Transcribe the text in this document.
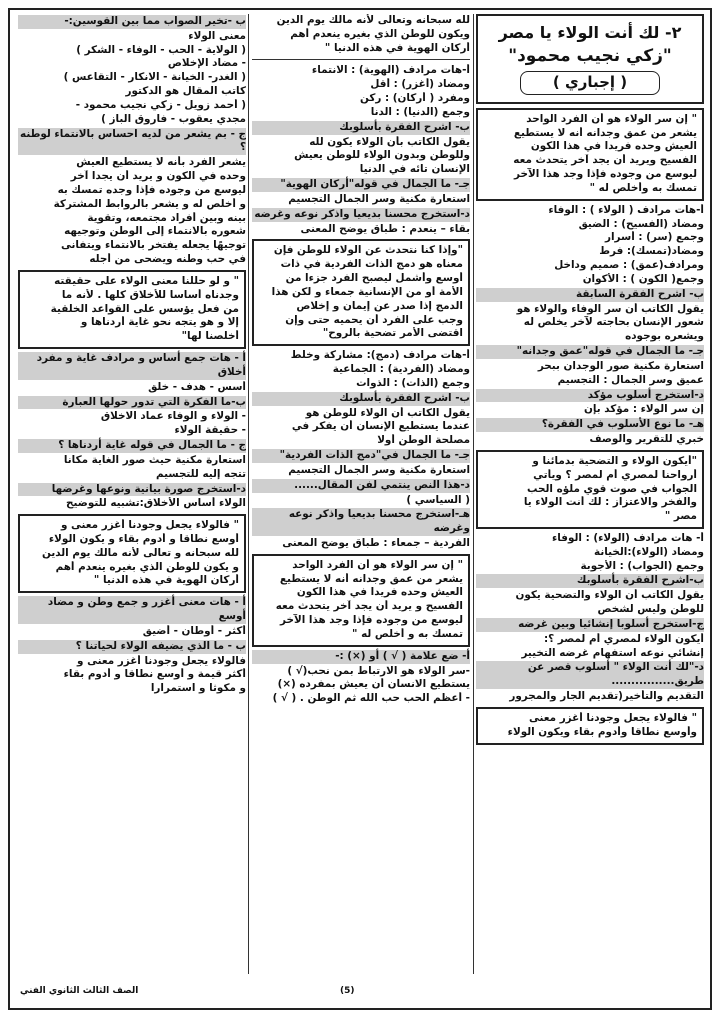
٢- لك أنت الولاء يا مصر
"زكي نجيب محمود"
( إجباري )

" إن سر الولاء هو أن الفرد الواحد

يشعر من عمق وجدانه أنه لا يستطيع

العيش وحده فريدا في هذا الكون

الفسيح ويريد أن يجد آخر يتحدث معه

ليوسع من وجوده فإذا وجد هذا الآخر

تمسك به وأخلص له "

أ-هات مرادف ( الولاء ) : الوفاء

ومضاد (الفسيح) : الضيق

وجمع (سر) : أسرار

ومضاد(تمسك): فرط

ومرادف(عمق) : صميم وداخل

وجمع( الكون ) : الأكوان

ب- اشرح الفقرة السابقة

يقول الكاتب أن سر الوفاء والولاء هو

شعور الإنسان بحاجته لآخر يخلص له

ويشعره بوجوده

جـ- ما الجمال في قوله"عمق وجدانه"

استعارة مكنية صور الوجدان ببحر

عميق وسر الجمال : التجسيم

د-استخرج أسلوب مؤكد

إن سر الولاء : مؤكد بإن

هـ- ما نوع الأسلوب في الفقرة؟

خبري للتقرير والوصف

"أيكون الولاء و التضحية بدمائنا و

أرواحنا لمصري أم لمصر ؟ ويأتي

الجواب في صوت قوي ملؤه الحب

والفخر والاعتزاز : لك أنت الولاء يا

مصر "

أ- هات مرادف (الولاء) : الوفاء

ومضاد (الولاء):الخيانة

وجمع (الجواب) : الأجوبة

ب-اشرح الفقرة بأسلوبك

يقول الكاتب أن الولاء والتضحية يكون

للوطن وليس لشخص

ج-استخرج أسلوبا إنشائيا وبين غرضه

أيكون الولاء لمصري أم لمصر ؟:

إنشائي نوعه استفهام غرضه التخيير

د-"لك أنت الولاء " أسلوب قصر عن طريق................

التقديم والتأخير(تقديم الجار والمجرور

" فالولاء يجعل وجودنا أغزر معنى

وأوسع نطاقا وأدوم بقاء ويكون الولاء

لله سبحانه وتعالى لأنه مالك يوم الدين

ويكون للوطن الذي بغيره ينعدم أهم

أركان الهوية في هذه الدنيا "

أ-هات مرادف (الهوية) : الانتماء

ومضاد (أغزر) : أقل

ومفرد ( أركان) : ركن

وجمع (الدنيا) : الدنا

ب- اشرح الفقرة بأسلوبك

يقول الكاتب بأن الولاء يكون لله

وللوطن وبدون الولاء للوطن يعيش

الإنسان تائه في الدنيا

جـ- ما الجمال في قوله"أركان الهوية"

استعارة مكنية وسر الجمال التجسيم

د-استخرج محسنا بديعيا واذكر نوعه وغرضه

بقاء – ينعدم : طباق يوضح المعنى

"وإذا كنا نتحدث عن الولاء للوطن فإن

معناه هو دمج الذات الفردية في ذات

أوسع وأشمل ليصبح الفرد جزءا من

الأمة أو من الإنسانية جمعاء و لكن هذا

الدمج إذا صدر عن إيمان و إخلاص

وجب على الفرد أن يحميه حتى وإن

اقتضى الأمر تضحية بالروح"

أ-هات مرادف (دمج): مشاركة وخلط

ومضاد (الفردية) : الجماعية

وجمع (الذات) : الذوات

ب- اشرح الفقرة بأسلوبك

يقول الكاتب أن الولاء للوطن هو

عندما يستطيع الإنسان أن يفكر في

مصلحة الوطن أولا

جـ- ما الجمال في"دمج الذات الفردية"

استعارة مكنية وسر الجمال التجسيم

د-هذا النص ينتمي لفن المقال......

( السياسي )

هـ-استخرج محسنا بديعيا واذكر نوعه وغرضه

الفردية – جمعاء : طباق يوضح المعنى

" إن سر الولاء هو أن الفرد الواحد

يشعر من عمق وجدانه أنه لا يستطيع

العيش وحده فريدا في هذا الكون

الفسيح و يريد أن يجد آخر يتحدث معه

ليوسع من وجوده فإذا وجد هذا الآخر

تمسك به و أخلص له "

أ- ضع علامة ( √ ) أو (×) :-

-سر الولاء هو الارتباط بمن نحب(√ )

يستطيع الانسان أن يعيش بمفرده (×)

- أعظم الحب حب الله ثم الوطن . ( √ )

ب -تخير الصواب مما بين القوسين:-

معنى الولاء

( الولاية - الحب - الوفاء - الشكر )

- مضاد الإخلاص

( الغدر- الخيانة - الانكار - التقاعس )

كاتب المقال هو الدكتور

( أحمد زويل - زكي نجيب محمود -

مجدي يعقوب - فاروق الباز )

ج - بم يشعر من لديه احساس بالانتماء لوطنه ؟

يشعر الفرد بأنه لا يستطيع العيش

وحده في الكون و يريد أن يجدا آخر

ليوسع من وجوده فإذا وجده تمسك به

و أخلص له و يشعر بالروابط المشتركة

بينه وبين أفراد مجتمعه، وتقوية

شعوره بالانتماء إلى الوطن وتوجيهه

توجيهًا يجعله يفتخر بالانتماء ويتفانى

في حب وطنه ويضحى من أجله

" و لو حللنا معنى الولاء على حقيقته

وجدناه أساسا للأخلاق كلها . لأنه ما

من فعل يؤسس على القواعد الخلقية

إلا و هو يتجه نحو غاية أردناها و

أخلصنا لها"

أ - هات جمع أساس و مرادف غاية و مفرد أخلاق

أسس - هدف - خلق

ب-ما الفكرة التي تدور حولها العبارة

- الولاء و الوفاء عماد الاخلاق

- حقيقة الولاء

ج - ما الجمال في قوله غاية أردناها ؟

استعارة مكنية حيث صور الغاية مكانا

تتجه إليه للتجسيم

د-استخرج صورة بيانية ونوعها وغرضها

الولاء أساس الأخلاق:تشبيه للتوضيح

" فالولاء يجعل وجودنا أغزر معنى و

أوسع نطاقا و أدوم بقاء و يكون الولاء

لله سبحانه و تعالى لأنه مالك يوم الدين

و يكون للوطن الذي بغيره ينعدم أهم

أركان الهوية في هذه الدنيا "

أ - هات معنى أغزر و جمع وطن و مضاد أوسع

أكثر - أوطان - أضيق

ب - ما الذي يضيفه الولاء لحياتنا ؟

فالولاء يجعل وجودنا أغزر معنى و

أكثر قيمة و أوسع نطاقا و أدوم بقاء

و مكوثا و استمرارا

(5)
الصف الثالث الثانوي الفني
